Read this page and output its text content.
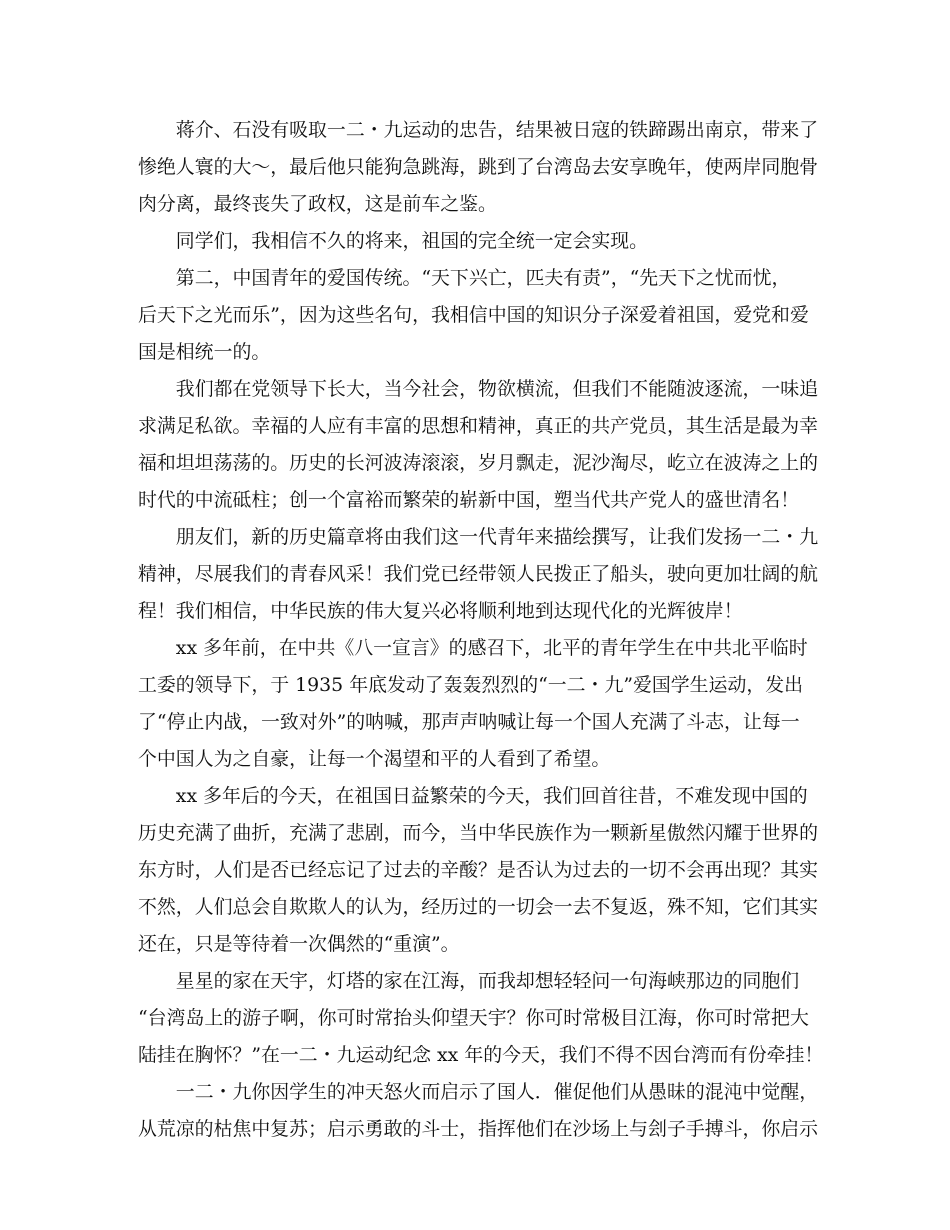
蒋介、石没有吸取一二・九运动的忠告，结果被日寇的铁蹄踢出南京，带来了
惨绝人寰的大～，最后他只能狗急跳海，跳到了台湾岛去安享晚年，使两岸同胞骨
肉分离，最终丧失了政权，这是前车之鉴。
同学们，我相信不久的将来，祖国的完全统一定会实现。
第二，中国青年的爱国传统。“天下兴亡，匹夫有责”，“先天下之忧而忧，
后天下之光而乐”，因为这些名句，我相信中国的知识分子深爱着祖国，爱党和爱
国是相统一的。
我们都在党领导下长大，当今社会，物欲横流，但我们不能随波逐流，一味追
求满足私欲。幸福的人应有丰富的思想和精神，真正的共产党员，其生活是最为幸
福和坦坦荡荡的。历史的长河波涛滚滚，岁月飘走，泥沙淘尽，屹立在波涛之上的
时代的中流砥柱；创一个富裕而繁荣的崭新中国，塑当代共产党人的盛世清名！
朋友们，新的历史篇章将由我们这一代青年来描绘撰写，让我们发扬一二・九
精神，尽展我们的青春风采！我们党已经带领人民拨正了船头，驶向更加壮阔的航
程！我们相信，中华民族的伟大复兴必将顺利地到达现代化的光辉彼岸！
xx 多年前，在中共《八一宣言》的感召下，北平的青年学生在中共北平临时
工委的领导下，于 1935 年底发动了轰轰烈烈的“一二・九”爱国学生运动，发出
了“停止内战，一致对外”的呐喊，那声声呐喊让每一个国人充满了斗志，让每一
个中国人为之自豪，让每一个渴望和平的人看到了希望。
xx 多年后的今天，在祖国日益繁荣的今天，我们回首往昔，不难发现中国的
历史充满了曲折，充满了悲剧，而今，当中华民族作为一颗新星傲然闪耀于世界的
东方时，人们是否已经忘记了过去的辛酸？是否认为过去的一切不会再出现？其实
不然，人们总会自欺欺人的认为，经历过的一切会一去不复返，殊不知，它们其实
还在，只是等待着一次偶然的“重演”。
星星的家在天宇，灯塔的家在江海，而我却想轻轻问一句海峡那边的同胞们
“台湾岛上的游子啊，你可时常抬头仰望天宇？你可时常极目江海，你可时常把大
陆挂在胸怀？”在一二・九运动纪念 xx 年的今天，我们不得不因台湾而有份牵挂！
一二・九你因学生的冲天怒火而启示了国人．催促他们从愚昧的混沌中觉醒，
从荒凉的枯焦中复苏；启示勇敢的斗士，指挥他们在沙场上与刽子手搏斗，你启示
